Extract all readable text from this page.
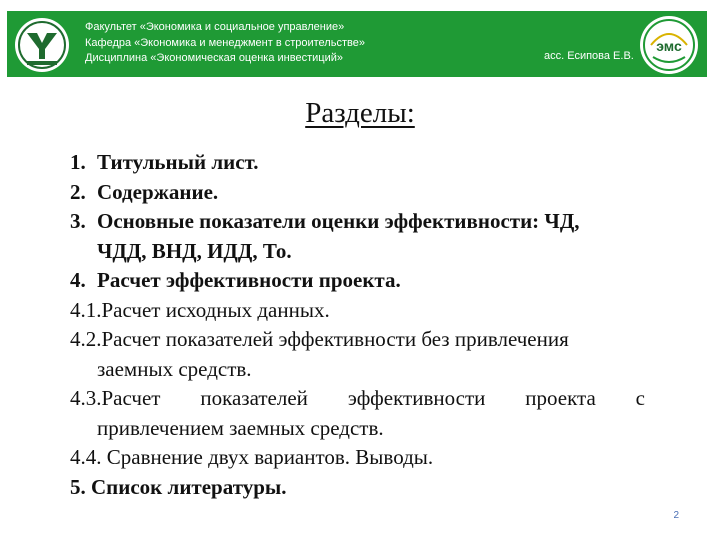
Факультет «Экономика и социальное управление»
Кафедра «Экономика и менеджмент в строительстве»
Дисциплина «Экономическая оценка инвестиций»	асс. Есипова Е.В.
эмс
Разделы:
1. Титульный лист.
2. Содержание.
3. Основные показатели оценки эффективности: ЧД,
ЧДД, ВНД, ИДД, То.
4. Расчет эффективности проекта.
4.1.Расчет исходных данных.
4.2.Расчет показателей эффективности без привлечения
заемных средств.
4.3.Расчет показателей эффективности проекта с
привлечением заемных средств.
4.4. Сравнение двух вариантов. Выводы.
5. Список литературы.
2
